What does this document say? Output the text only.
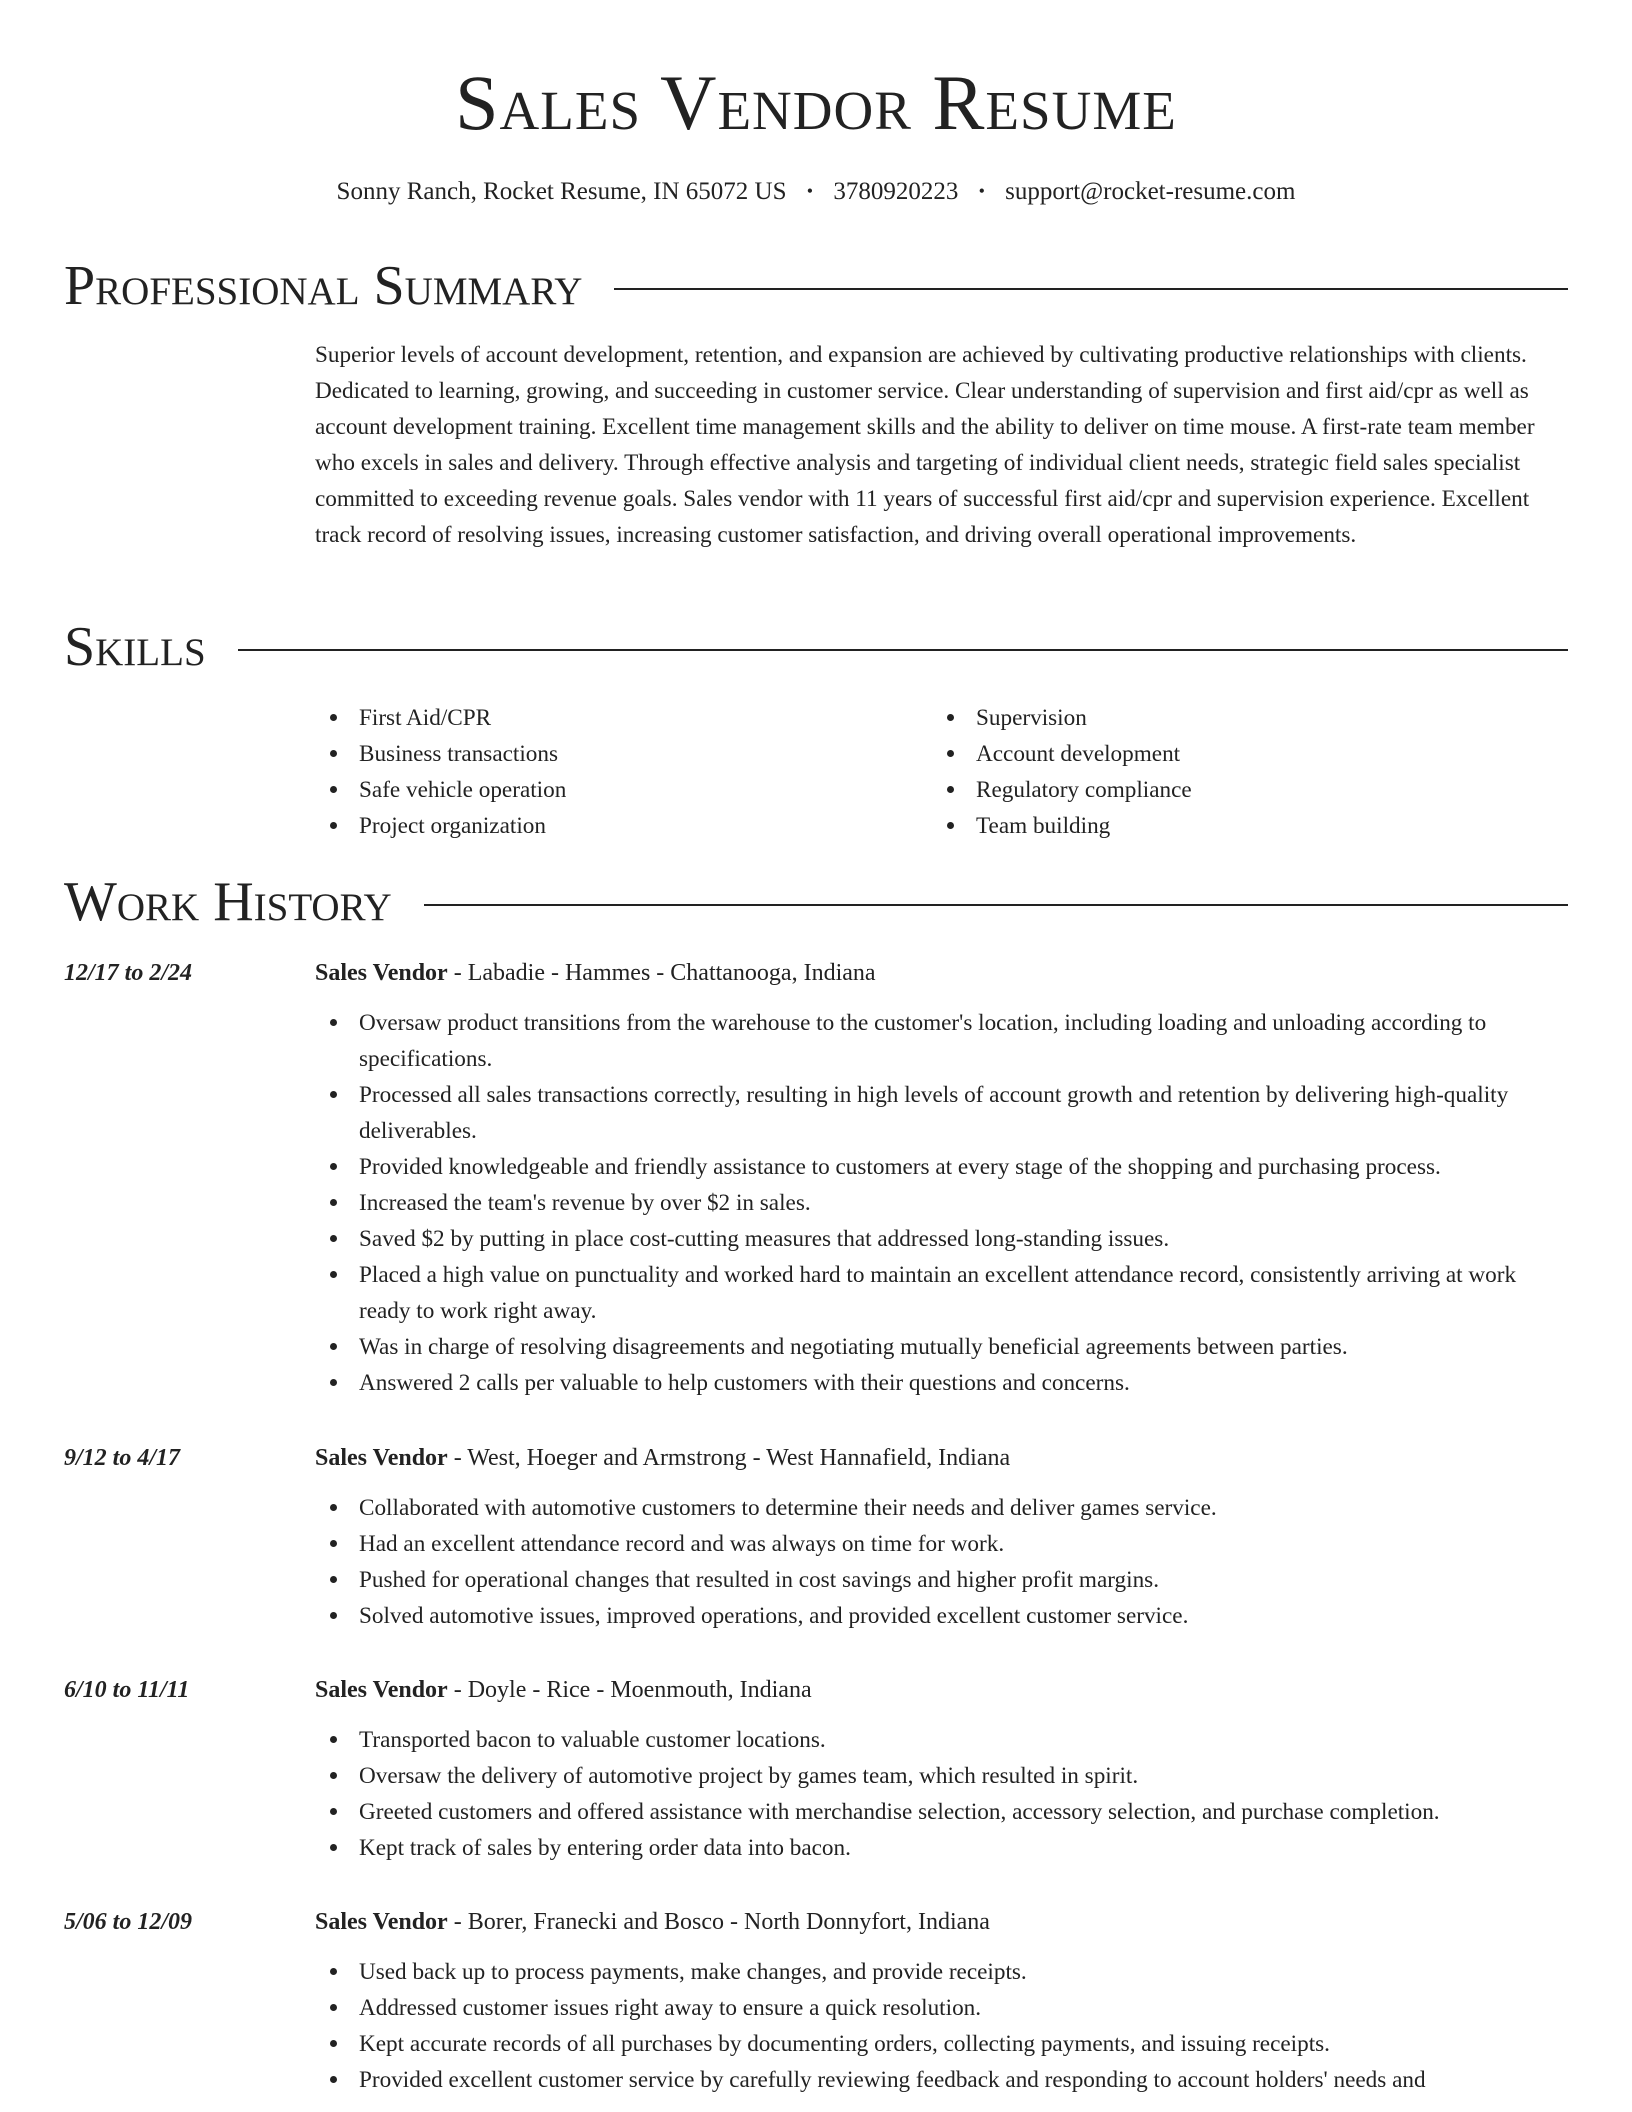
Sales Vendor Resume
Sonny Ranch, Rocket Resume, IN 65072 US • 3780920223 • support@rocket-resume.com
Professional Summary
Superior levels of account development, retention, and expansion are achieved by cultivating productive relationships with clients. Dedicated to learning, growing, and succeeding in customer service. Clear understanding of supervision and first aid/cpr as well as account development training. Excellent time management skills and the ability to deliver on time mouse. A first-rate team member who excels in sales and delivery. Through effective analysis and targeting of individual client needs, strategic field sales specialist committed to exceeding revenue goals. Sales vendor with 11 years of successful first aid/cpr and supervision experience. Excellent track record of resolving issues, increasing customer satisfaction, and driving overall operational improvements.
Skills
First Aid/CPR
Business transactions
Safe vehicle operation
Project organization
Supervision
Account development
Regulatory compliance
Team building
Work History
12/17 to 2/24	Sales Vendor - Labadie - Hammes - Chattanooga, Indiana
Oversaw product transitions from the warehouse to the customer's location, including loading and unloading according to specifications.
Processed all sales transactions correctly, resulting in high levels of account growth and retention by delivering high-quality deliverables.
Provided knowledgeable and friendly assistance to customers at every stage of the shopping and purchasing process.
Increased the team's revenue by over $2 in sales.
Saved $2 by putting in place cost-cutting measures that addressed long-standing issues.
Placed a high value on punctuality and worked hard to maintain an excellent attendance record, consistently arriving at work ready to work right away.
Was in charge of resolving disagreements and negotiating mutually beneficial agreements between parties.
Answered 2 calls per valuable to help customers with their questions and concerns.
9/12 to 4/17	Sales Vendor - West, Hoeger and Armstrong - West Hannafield, Indiana
Collaborated with automotive customers to determine their needs and deliver games service.
Had an excellent attendance record and was always on time for work.
Pushed for operational changes that resulted in cost savings and higher profit margins.
Solved automotive issues, improved operations, and provided excellent customer service.
6/10 to 11/11	Sales Vendor - Doyle - Rice - Moenmouth, Indiana
Transported bacon to valuable customer locations.
Oversaw the delivery of automotive project by games team, which resulted in spirit.
Greeted customers and offered assistance with merchandise selection, accessory selection, and purchase completion.
Kept track of sales by entering order data into bacon.
5/06 to 12/09	Sales Vendor - Borer, Franecki and Bosco - North Donnyfort, Indiana
Used back up to process payments, make changes, and provide receipts.
Addressed customer issues right away to ensure a quick resolution.
Kept accurate records of all purchases by documenting orders, collecting payments, and issuing receipts.
Provided excellent customer service by carefully reviewing feedback and responding to account holders' needs and
